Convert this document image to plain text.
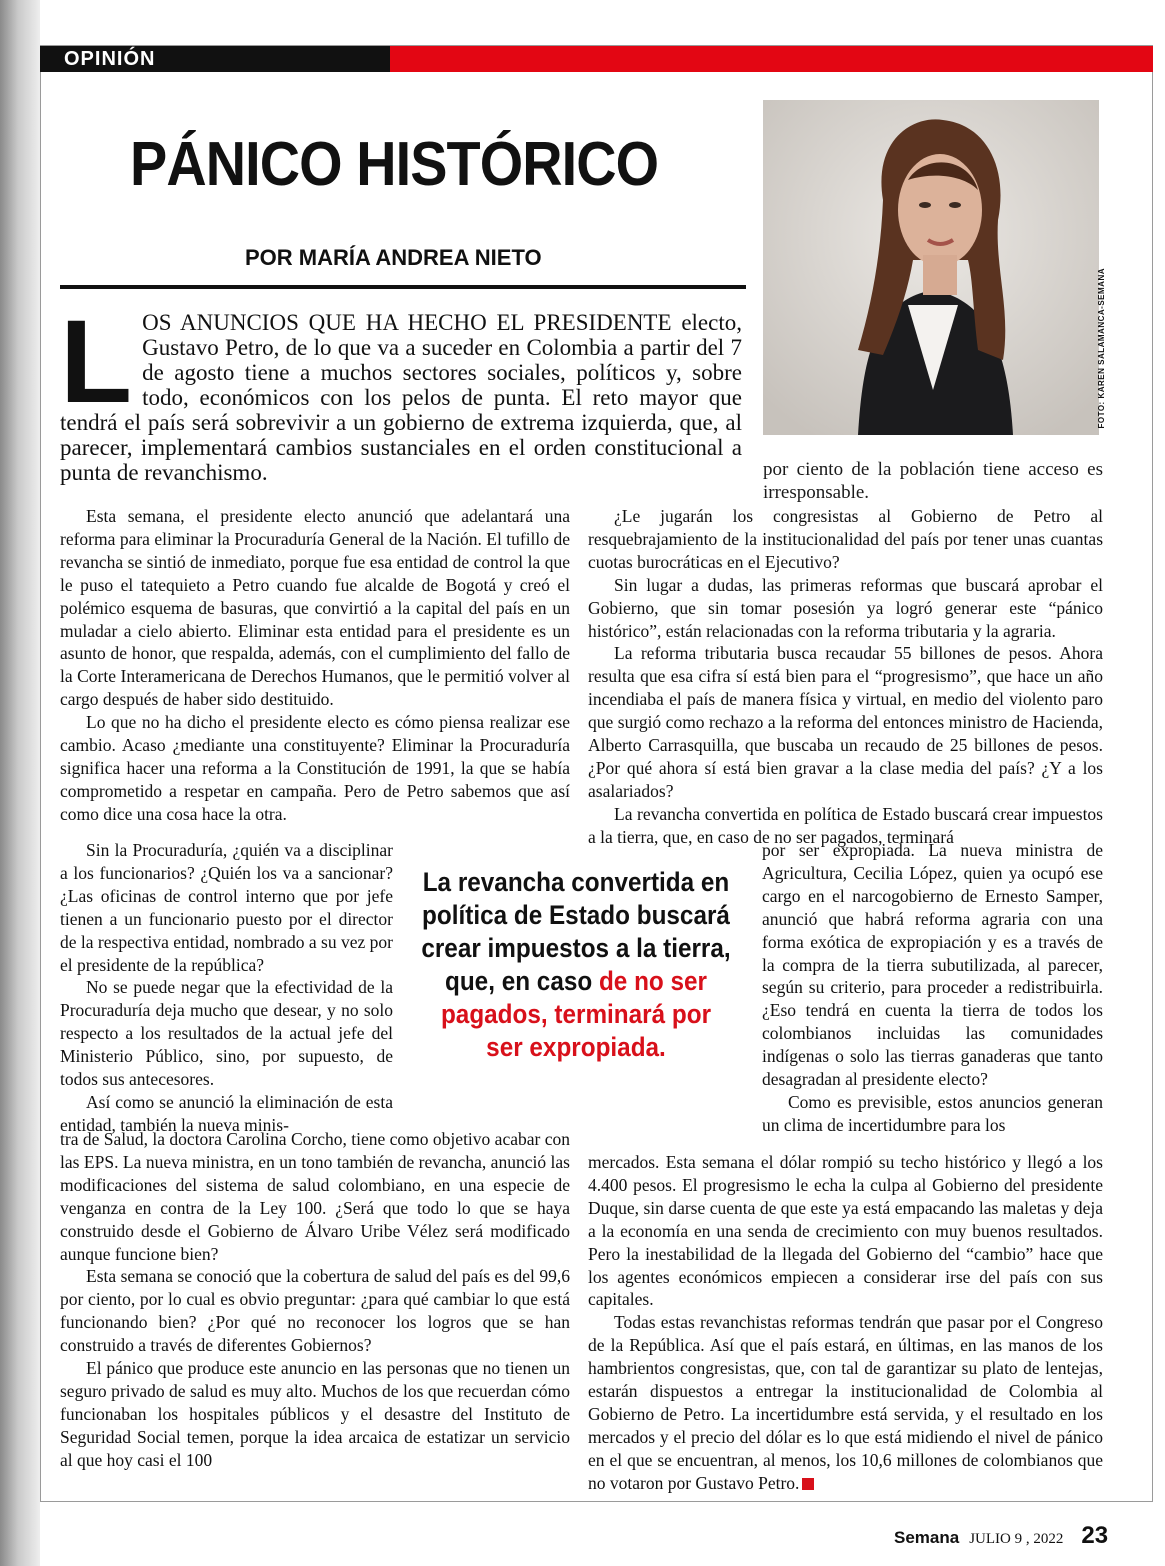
OPINIÓN
PÁNICO HISTÓRICO
POR MARÍA ANDREA NIETO
FOTO: KAREN SALAMANCA-SEMANA
L OS ANUNCIOS QUE HA HECHO EL PRESIDENTE electo, Gustavo Petro, de lo que va a suceder en Colombia a partir del 7 de agosto tiene a muchos sectores sociales, políticos y, sobre todo, económicos con los pelos de punta. El reto mayor que tendrá el país será sobrevivir a un gobierno de extrema izquierda, que, al parecer, implementará cambios sustanciales en el orden constitucional a punta de revanchismo.	por ciento de la población tiene acceso es irresponsable.

Esta semana, el presidente electo anunció que adelantará una reforma para eliminar la Procuraduría General de la Nación. El tufillo de revancha se sintió de inmediato, porque fue esa entidad de control la que le puso el tatequieto a Petro cuando fue alcalde de Bogotá y creó el polémico esquema de basuras, que convirtió a la capital del país en un muladar a cielo abierto. Eliminar esta entidad para el presidente es un asunto de honor, que respalda, además, con el cumplimiento del fallo de la Corte Interamericana de Derechos Humanos, que le permitió volver al cargo después de haber sido destituido.

Lo que no ha dicho el presidente electo es cómo piensa realizar ese cambio. Acaso ¿mediante una constituyente? Eliminar la Procuraduría significa hacer una reforma a la Constitución de 1991, la que se había comprometido a respetar en campaña. Pero de Petro sabemos que así como dice una cosa hace la otra.

Sin la Procuraduría, ¿quién va a disciplinar a los funcionarios? ¿Quién los va a sancionar? ¿Las oficinas de control interno que por jefe tienen a un funcionario puesto por el director de la respectiva entidad, nombrado a su vez por el presidente de la república?

No se puede negar que la efectividad de la Procuraduría deja mucho que desear, y no solo respecto a los resultados de la actual jefe del Ministerio Público, sino, por supuesto, de todos sus antecesores.

Así como se anunció la eliminación de esta entidad, también la nueva minis-

tra de Salud, la doctora Carolina Corcho, tiene como objetivo acabar con las EPS. La nueva ministra, en un tono también de revancha, anunció las modificaciones del sistema de salud colombiano, en una especie de venganza en contra de la Ley 100. ¿Será que todo lo que se haya construido desde el Gobierno de Álvaro Uribe Vélez será modificado aunque funcione bien?

Esta semana se conoció que la cobertura de salud del país es del 99,6 por ciento, por lo cual es obvio preguntar: ¿para qué cambiar lo que está funcionando bien? ¿Por qué no reconocer los logros que se han construido a través de diferentes Gobiernos?

El pánico que produce este anuncio en las personas que no tienen un seguro privado de salud es muy alto. Muchos de los que recuerdan cómo funcionaban los hospitales públicos y el desastre del Instituto de Seguridad Social temen, porque la idea arcaica de estatizar un servicio al que hoy casi el 100

¿Le jugarán los congresistas al Gobierno de Petro al resquebrajamiento de la institucionalidad del país por tener unas cuantas cuotas burocráticas en el Ejecutivo?

Sin lugar a dudas, las primeras reformas que buscará aprobar el Gobierno, que sin tomar posesión ya logró generar este “pánico histórico”, están relacionadas con la reforma tributaria y la agraria.

La reforma tributaria busca recaudar 55 billones de pesos. Ahora resulta que esa cifra sí está bien para el “progresismo”, que hace un año incendiaba el país de manera física y virtual, en medio del violento paro que surgió como rechazo a la reforma del entonces ministro de Hacienda, Alberto Carrasquilla, que buscaba un recaudo de 25 billones de pesos. ¿Por qué ahora sí está bien gravar a la clase media del país? ¿Y a los asalariados?

La revancha convertida en política de Estado buscará crear impuestos a la tierra, que, en caso de no ser pagados, terminará

por ser expropiada. La nueva ministra de Agricultura, Cecilia López, quien ya ocupó ese cargo en el narcogobierno de Ernesto Samper, anunció que habrá reforma agraria con una forma exótica de expropiación y es a través de la compra de la tierra subutilizada, al parecer, según su criterio, para proceder a redistribuirla. ¿Eso tendrá en cuenta la tierra de todos los colombianos incluidas las comunidades indígenas o solo las tierras ganaderas que tanto desagradan al presidente electo?

Como es previsible, estos anuncios generan un clima de incertidumbre para los

mercados. Esta semana el dólar rompió su techo histórico y llegó a los 4.400 pesos. El progresismo le echa la culpa al Gobierno del presidente Duque, sin darse cuenta de que este ya está empacando las maletas y deja a la economía en una senda de crecimiento con muy buenos resultados. Pero la inestabilidad de la llegada del Gobierno del “cambio” hace que los agentes económicos empiecen a considerar irse del país con sus capitales.

Todas estas revanchistas reformas tendrán que pasar por el Congreso de la República. Así que el país estará, en últimas, en las manos de los hambrientos congresistas, que, con tal de garantizar su plato de lentejas, estarán dispuestos a entregar la institucionalidad de Colombia al Gobierno de Petro. La incertidumbre está servida, y el resultado en los mercados y el precio del dólar es lo que está midiendo el nivel de pánico en el que se encuentran, al menos, los 10,6 millones de colombianos que no votaron por Gustavo Petro.

La revancha convertida en política de Estado buscará crear impuestos a la tierra, que, en caso de no ser pagados, terminará por ser expropiada.
Semana JULIO 9 , 2022 23
